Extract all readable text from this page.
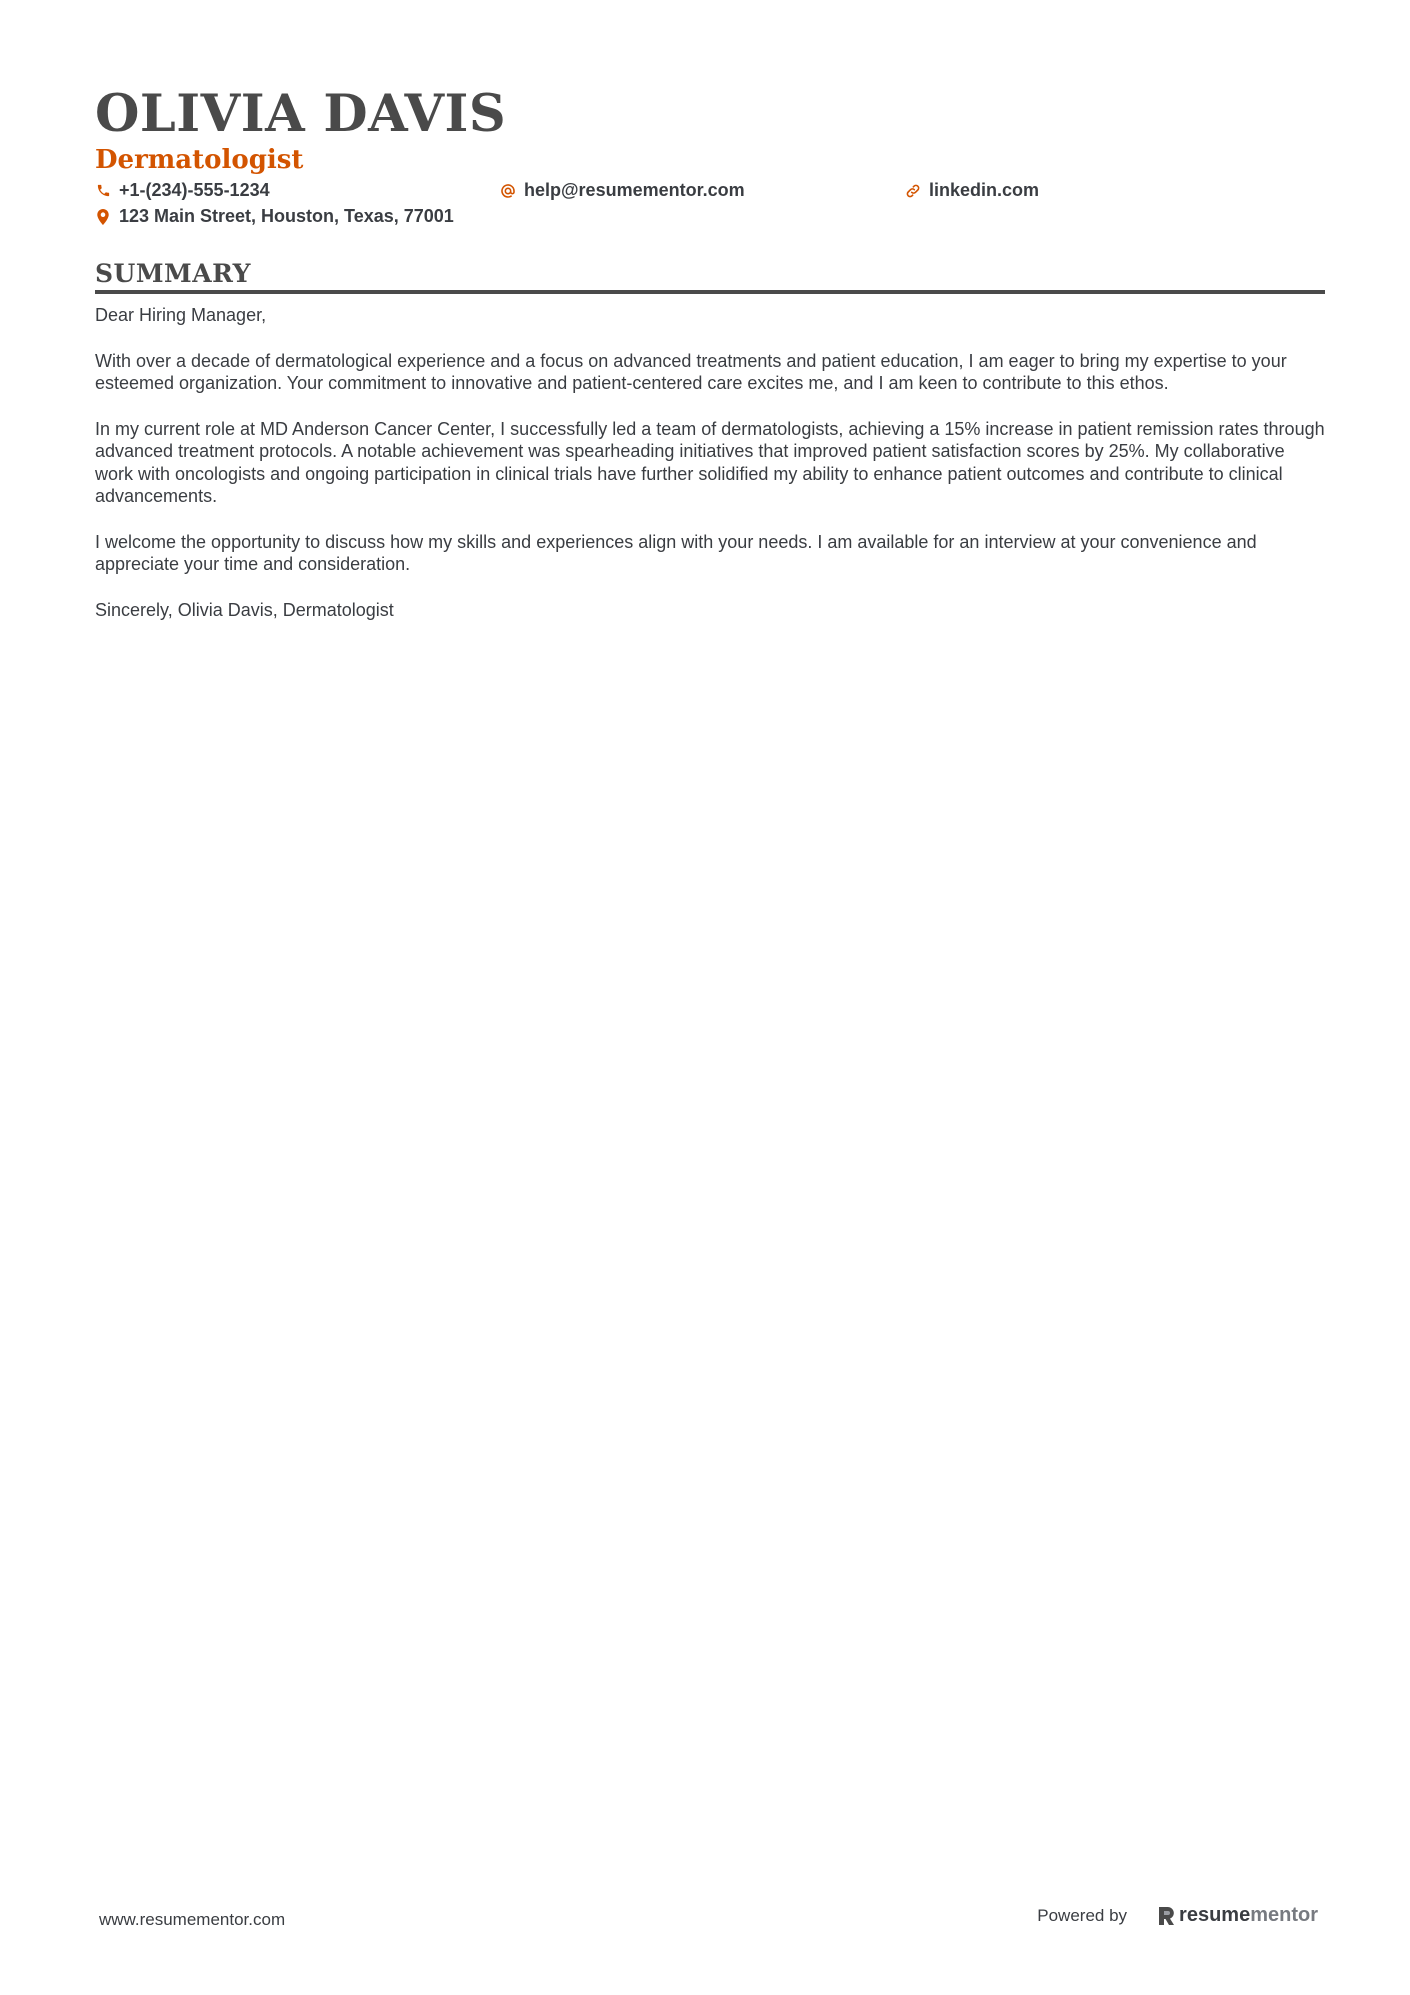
OLIVIA DAVIS
Dermatologist
+1-(234)-555-1234	help@resumementor.com	linkedin.com
123 Main Street, Houston, Texas, 77001
SUMMARY

Dear Hiring Manager,

With over a decade of dermatological experience and a focus on advanced treatments and patient education, I am eager to bring my expertise to your esteemed organization. Your commitment to innovative and patient-centered care excites me, and I am keen to contribute to this ethos.

In my current role at MD Anderson Cancer Center, I successfully led a team of dermatologists, achieving a 15% increase in patient remission rates through advanced treatment protocols. A notable achievement was spearheading initiatives that improved patient satisfaction scores by 25%. My collaborative work with oncologists and ongoing participation in clinical trials have further solidified my ability to enhance patient outcomes and contribute to clinical advancements.

I welcome the opportunity to discuss how my skills and experiences align with your needs. I am available for an interview at your convenience and appreciate your time and consideration.

Sincerely, Olivia Davis, Dermatologist

www.resumementor.com	Powered by	resume mentor
